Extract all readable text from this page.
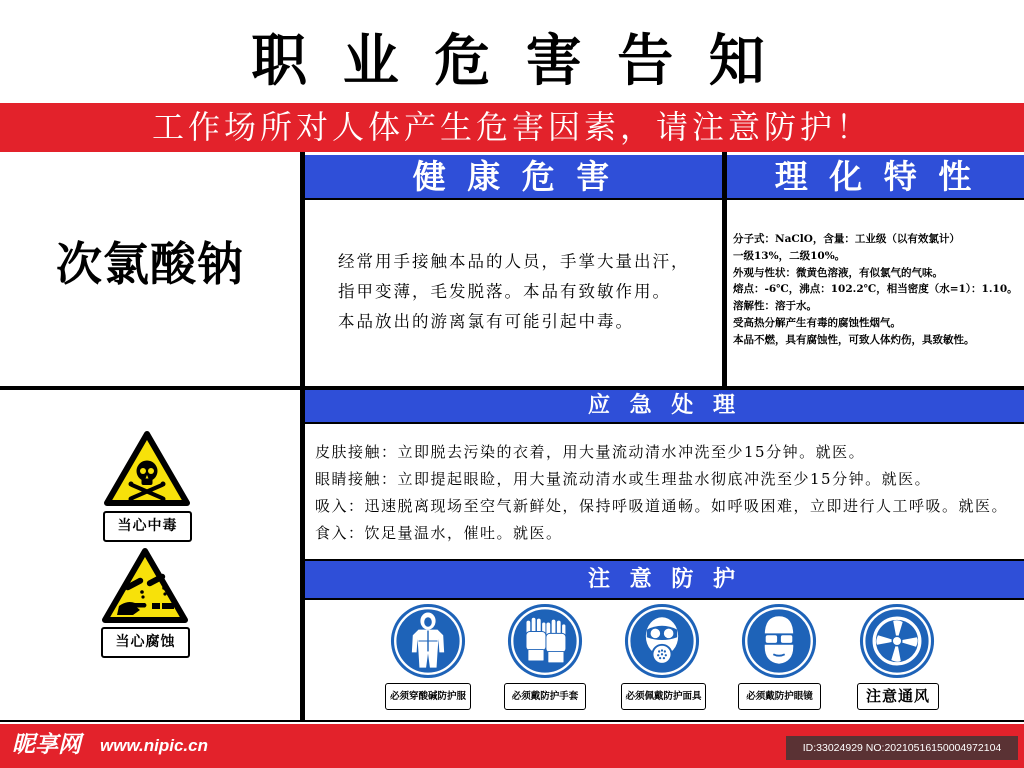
职 业 危 害 告 知
工作场所对人体产生危害因素，请注意防护！
次氯酸钠
当心中毒
当心腐蚀
健 康 危 害
经常用手接触本品的人员，手掌大量出汗，
指甲变薄，毛发脱落。本品有致敏作用。
本品放出的游离氯有可能引起中毒。
理 化 特 性
分子式：NaClO，含量：工业级（以有效氯计）
一级13%，二级10%。
外观与性状：微黄色溶液，有似氯气的气味。
熔点：-6℃，沸点：102.2℃，相当密度（水=1）：1.10。
溶解性：溶于水。
受高热分解产生有毒的腐蚀性烟气。
本品不燃，具有腐蚀性，可致人体灼伤，具致敏性。
应 急 处 理
皮肤接触：立即脱去污染的衣着，用大量流动清水冲洗至少15分钟。就医。
眼睛接触：立即提起眼睑，用大量流动清水或生理盐水彻底冲洗至少15分钟。就医。
吸入：迅速脱离现场至空气新鲜处，保持呼吸道通畅。如呼吸困难，立即进行人工呼吸。就医。
食入：饮足量温水，催吐。就医。
注 意 防 护
必须穿酸碱防护服	必须戴防护手套	必须佩戴防护面具	必须戴防护眼镜	注意通风
昵享网 www.nipic.cn	ID:33024929 NO:20210516150004972104
